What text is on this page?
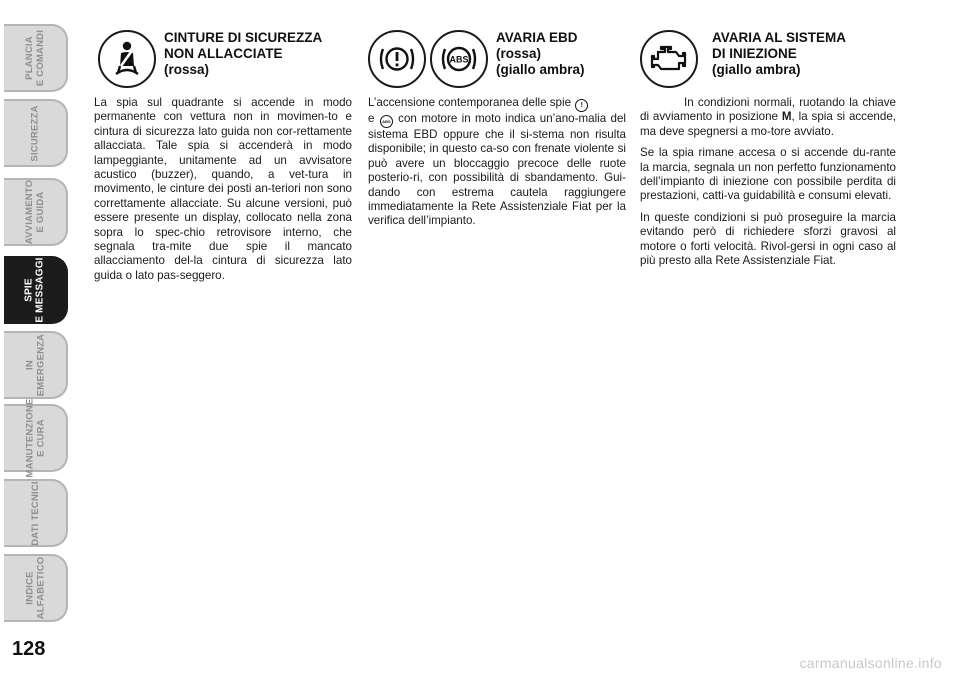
PLANCIA
E COMANDI
SICUREZZA
AVVIAMENTO
E GUIDA
SPIE
E MESSAGGI
IN
EMERGENZA
MANUTENZIONE
E CURA
DATI TECNICI
INDICE
ALFABETICO
128
CINTURE DI SICUREZZA
NON ALLACCIATE
(rossa)

La spia sul quadrante si accende in modo permanente con vettura non in movimen-to e cintura di sicurezza lato guida non cor-rettamente allacciata. Tale spia si accenderà in modo lampeggiante, unitamente ad un avvisatore acustico (buzzer), quando, a vet-tura in movimento, le cinture dei posti an-teriori non sono correttamente allacciate. Su alcune versioni, può essere presente un display, collocato nella zona sopra lo spec-chio retrovisore interno, che segnala tra-mite due spie il mancato allacciamento del-la cintura di sicurezza lato guida o lato pas-seggero.

ABS
AVARIA EBD
(rossa)
(giallo ambra)

L’accensione contemporanea delle spie !
e ABS con motore in moto indica un’ano-malia del sistema EBD oppure che il si-stema non risulta disponibile; in questo ca-so con frenate violente si può avere un bloccaggio precoce delle ruote posterio-ri, con possibilità di sbandamento. Gui-dando con estrema cautela raggiungere immediatamente la Rete Assistenziale Fiat per la verifica dell’impianto.

AVARIA AL SISTEMA
DI INIEZIONE
(giallo ambra)

In condizioni normali, ruotando la chiave di avviamento in posizione M, la spia si accende, ma deve spegnersi a mo-tore avviato.

Se la spia rimane accesa o si accende du-rante la marcia, segnala un non perfetto funzionamento dell’impianto di iniezione con possibile perdita di prestazioni, catti-va guidabilità e consumi elevati.

In queste condizioni si può proseguire la marcia evitando però di richiedere sforzi gravosi al motore o forti velocità. Rivol-gersi in ogni caso al più presto alla Rete Assistenziale Fiat.

carmanualsonline.info
